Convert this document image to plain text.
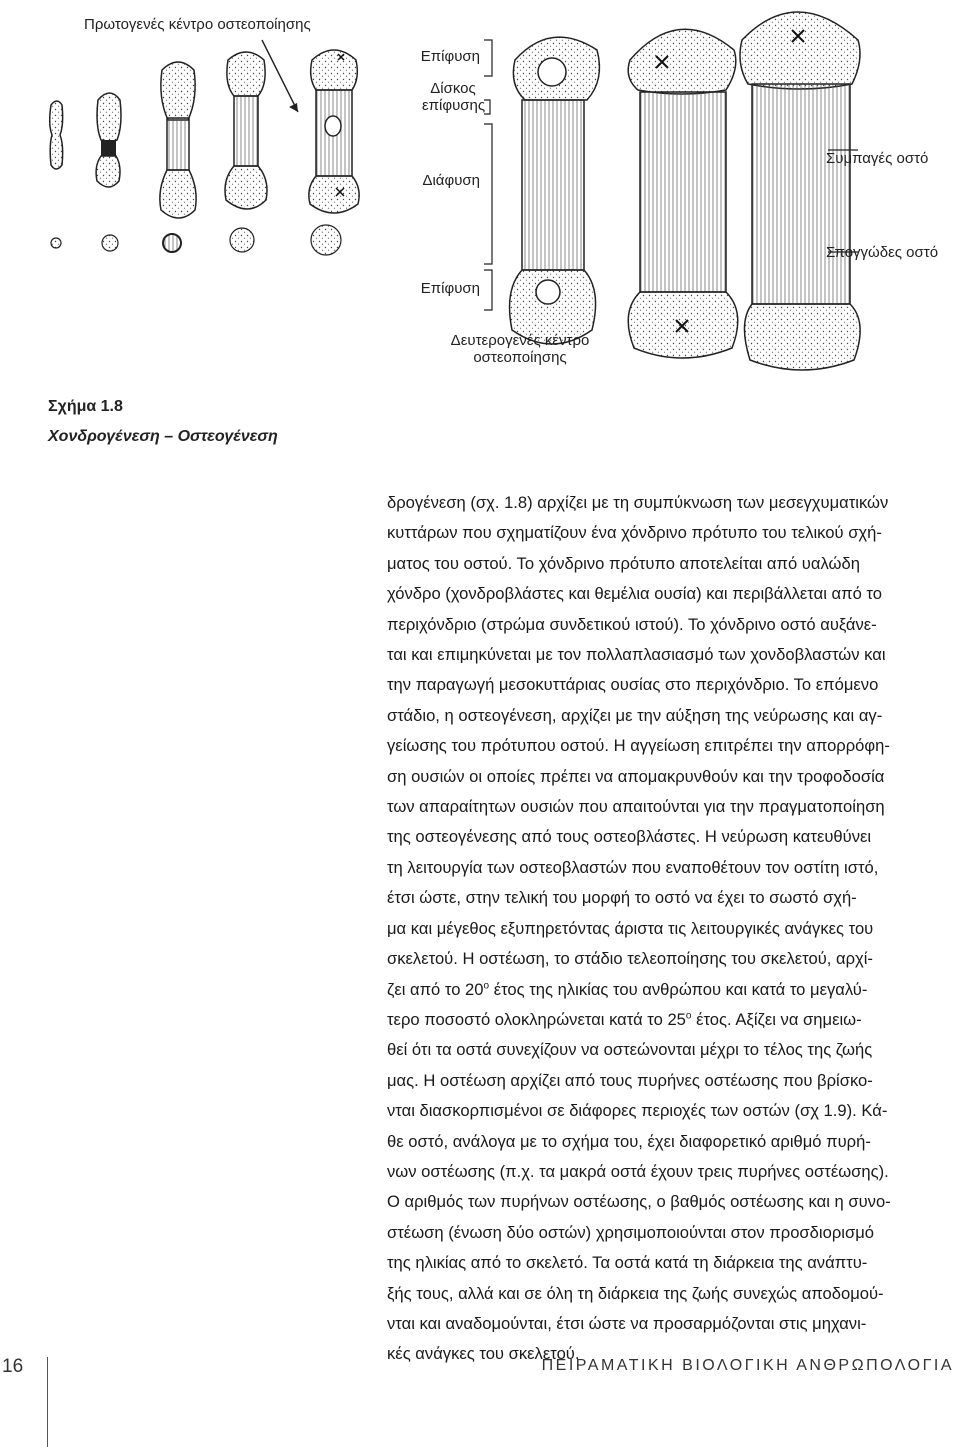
Πρωτογενές κέντρο οστεοποίησης
Επίφυση
Δίσκος επίφυσης
Διάφυση
Συμπαγές οστό
Σπογγώδες οστό
Επίφυση
Δευτερογενές κέντρο οστεοποίησης
Σχήμα 1.8
Χονδρογένεση – Οστεογένεση
δρογένεση (σχ. 1.8) αρχίζει με τη συμπύκνωση των μεσεγχυματικών
κυττάρων που σχηματίζουν ένα χόνδρινο πρότυπο του τελικού σχή-
ματος του οστού. Το χόνδρινο πρότυπο αποτελείται από υαλώδη
χόνδρο (χονδροβλάστες και θεμέλια ουσία) και περιβάλλεται από το
περιχόνδριο (στρώμα συνδετικού ιστού). Το χόνδρινο οστό αυξάνε-
ται και επιμηκύνεται με τον πολλαπλασιασμό των χονδοβλαστών και
την παραγωγή μεσοκυττάριας ουσίας στο περιχόνδριο. Το επόμενο
στάδιο, η οστεογένεση, αρχίζει με την αύξηση της νεύρωσης και αγ-
γείωσης του πρότυπου οστού. Η αγγείωση επιτρέπει την απορρόφη-
ση ουσιών οι οποίες πρέπει να απομακρυνθούν και την τροφοδοσία
των απαραίτητων ουσιών που απαιτούνται για την πραγματοποίηση
της οστεογένεσης από τους οστεοβλάστες. Η νεύρωση κατευθύνει
τη λειτουργία των οστεοβλαστών που εναποθέτουν τον οστίτη ιστό,
έτσι ώστε, στην τελική του μορφή το οστό να έχει το σωστό σχή-
μα και μέγεθος εξυπηρετόντας άριστα τις λειτουργικές ανάγκες του
σκελετού. Η οστέωση, το στάδιο τελεοποίησης του σκελετού, αρχί-
ζει από το $20^o$ έτος της ηλικίας του ανθρώπου και κατά το μεγαλύ-
τερο ποσοστό ολοκληρώνεται κατά το $25^o$ έτος. Αξίζει να σημειω-
θεί ότι τα οστά συνεχίζουν να οστεώνονται μέχρι το τέλος της ζωής
μας. Η οστέωση αρχίζει από τους πυρήνες οστέωσης που βρίσκο-
νται διασκορπισμένοι σε διάφορες περιοχές των οστών (σχ 1.9). Κά-
θε οστό, ανάλογα με το σχήμα του, έχει διαφορετικό αριθμό πυρή-
νων οστέωσης (π.χ. τα μακρά οστά έχουν τρεις πυρήνες οστέωσης).
Ο αριθμός των πυρήνων οστέωσης, ο βαθμός οστέωσης και η συνο-
στέωση (ένωση δύο οστών) χρησιμοποιούνται στον προσδιορισμό
της ηλικίας από το σκελετό. Τα οστά κατά τη διάρκεια της ανάπτυ-
ξής τους, αλλά και σε όλη τη διάρκεια της ζωής συνεχώς αποδομού-
νται και αναδομούνται, έτσι ώστε να προσαρμόζονται στις μηχανι-
κές ανάγκες του σκελετού.
16	ΠΕΙΡΑΜΑΤΙΚΗ ΒΙΟΛΟΓΙΚΗ ΑΝΘΡΩΠΟΛΟΓΙΑ
